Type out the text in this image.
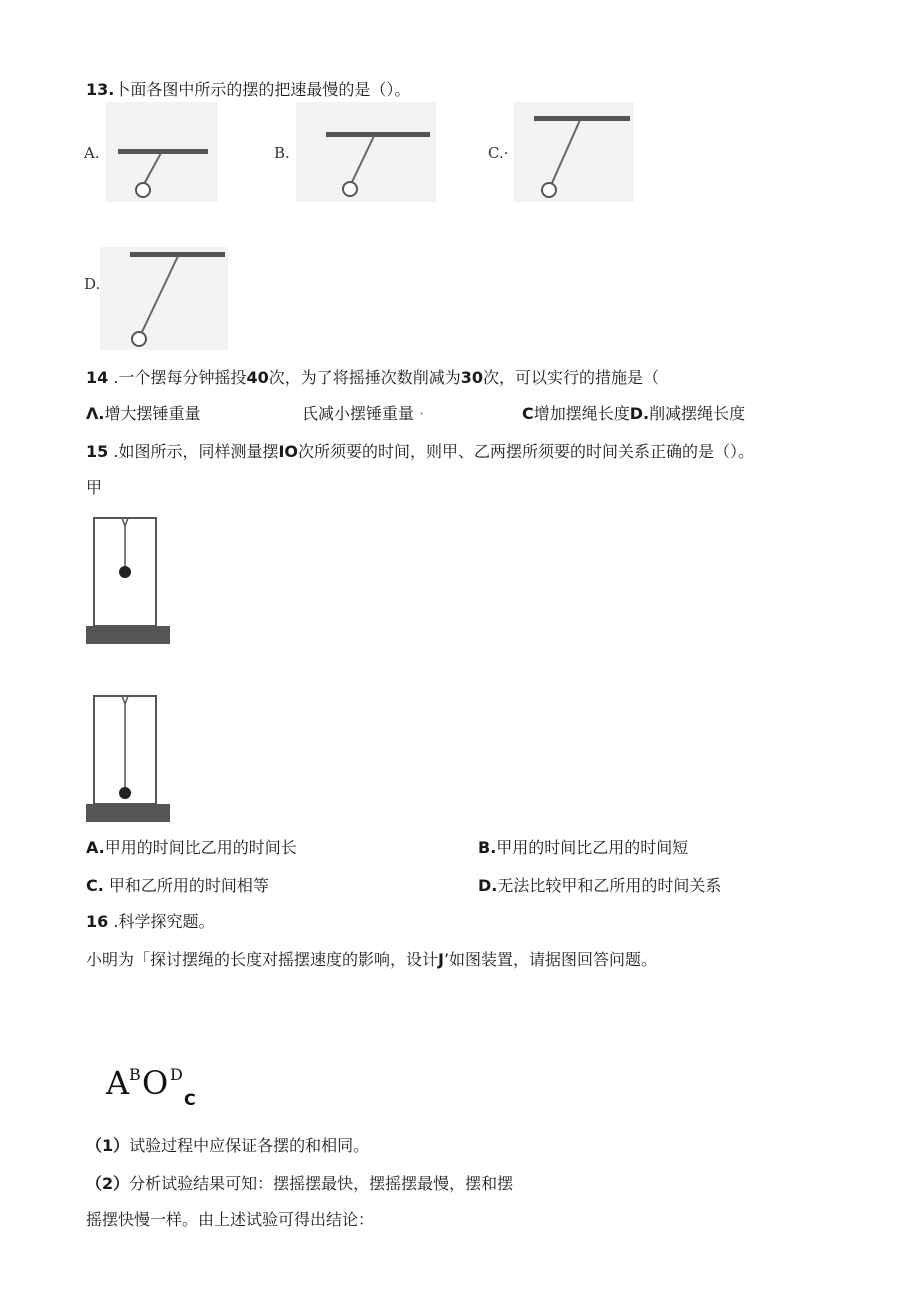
13.卜面各图中所示的摆的把速最慢的是（）。
A.	B.	C.·
D.
14 .一个摆每分钟摇投40次，为了将摇捶次数削减为30次，可以实行的措施是（
Λ.增大摆锤重量	氏减小摆锤重量 ·	C增加摆绳长度D.削减摆绳长度
15 .如图所示，同样测量摆IO次所须要的时间，则甲、乙两摆所须要的时间关系正确的是（）。
甲
A.甲用的时间比乙用的时间长	B.甲用的时间比乙用的时间短
C. 甲和乙所用的时间相等	D.无法比较甲和乙所用的时间关系
16 .科学探究题。
小明为「探讨摆绳的长度对摇摆速度的影响，设计J’如图装置，请据图回答问题。
A B O D
C
（1）试验过程中应保证各摆的和相同。
（2）分析试验结果可知：摆摇摆最快，摆摇摆最慢，摆和摆
摇摆快慢一样。由上述试验可得出结论：
